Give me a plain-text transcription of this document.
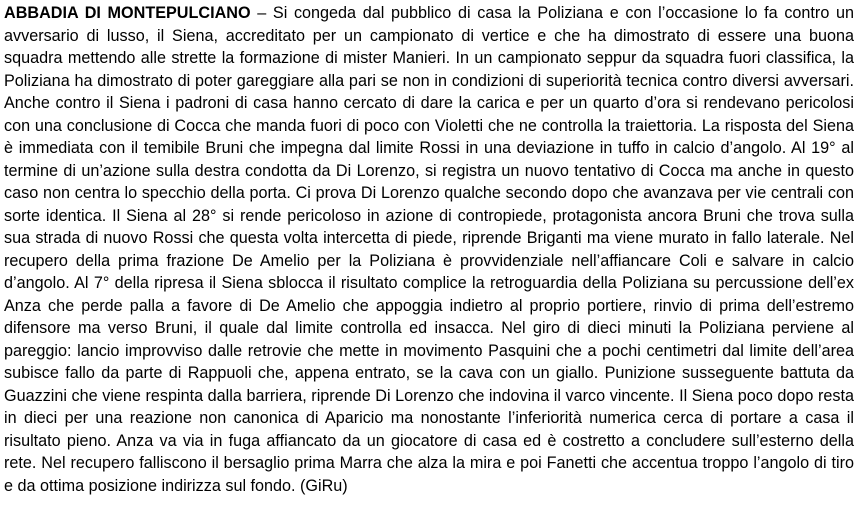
ABBADIA DI MONTEPULCIANO – Si congeda dal pubblico di casa la Poliziana e con l’occasione lo fa contro un avversario di lusso, il Siena, accreditato per un campionato di vertice e che ha dimostrato di essere una buona squadra mettendo alle strette la formazione di mister Manieri. In un campionato seppur da squadra fuori classifica, la Poliziana ha dimostrato di poter gareggiare alla pari se non in condizioni di superiorità tecnica contro diversi avversari. Anche contro il Siena i padroni di casa hanno cercato di dare la carica e per un quarto d’ora si rendevano pericolosi con una conclusione di Cocca che manda fuori di poco con Violetti che ne controlla la traiettoria. La risposta del Siena è immediata con il temibile Bruni che impegna dal limite Rossi in una deviazione in tuffo in calcio d’angolo. Al 19° al termine di un’azione sulla destra condotta da Di Lorenzo, si registra un nuovo tentativo di Cocca ma anche in questo caso non centra lo specchio della porta. Ci prova Di Lorenzo qualche secondo dopo che avanzava per vie centrali con sorte identica. Il Siena al 28° si rende pericoloso in azione di contropiede, protagonista ancora Bruni che trova sulla sua strada di nuovo Rossi che questa volta intercetta di piede, riprende Briganti ma viene murato in fallo laterale. Nel recupero della prima frazione De Amelio per la Poliziana è provvidenziale nell’affiancare Coli e salvare in calcio d’angolo. Al 7° della ripresa il Siena sblocca il risultato complice la retroguardia della Poliziana su percussione dell’ex Anza che perde palla a favore di De Amelio che appoggia indietro al proprio portiere, rinvio di prima dell’estremo difensore ma verso Bruni, il quale dal limite controlla ed insacca. Nel giro di dieci minuti la Poliziana perviene al pareggio: lancio improvviso dalle retrovie che mette in movimento Pasquini che a pochi centimetri dal limite dell’area subisce fallo da parte di Rappuoli che, appena entrato, se la cava con un giallo. Punizione susseguente battuta da Guazzini che viene respinta dalla barriera, riprende Di Lorenzo che indovina il varco vincente. Il Siena poco dopo resta in dieci per una reazione non canonica di Aparicio ma nonostante l’inferiorità numerica cerca di portare a casa il risultato pieno. Anza va via in fuga affiancato da un giocatore di casa ed è costretto a concludere sull’esterno della rete. Nel recupero falliscono il bersaglio prima Marra che alza la mira e poi Fanetti che accentua troppo l’angolo di tiro e da ottima posizione indirizza sul fondo. (GiRu)
